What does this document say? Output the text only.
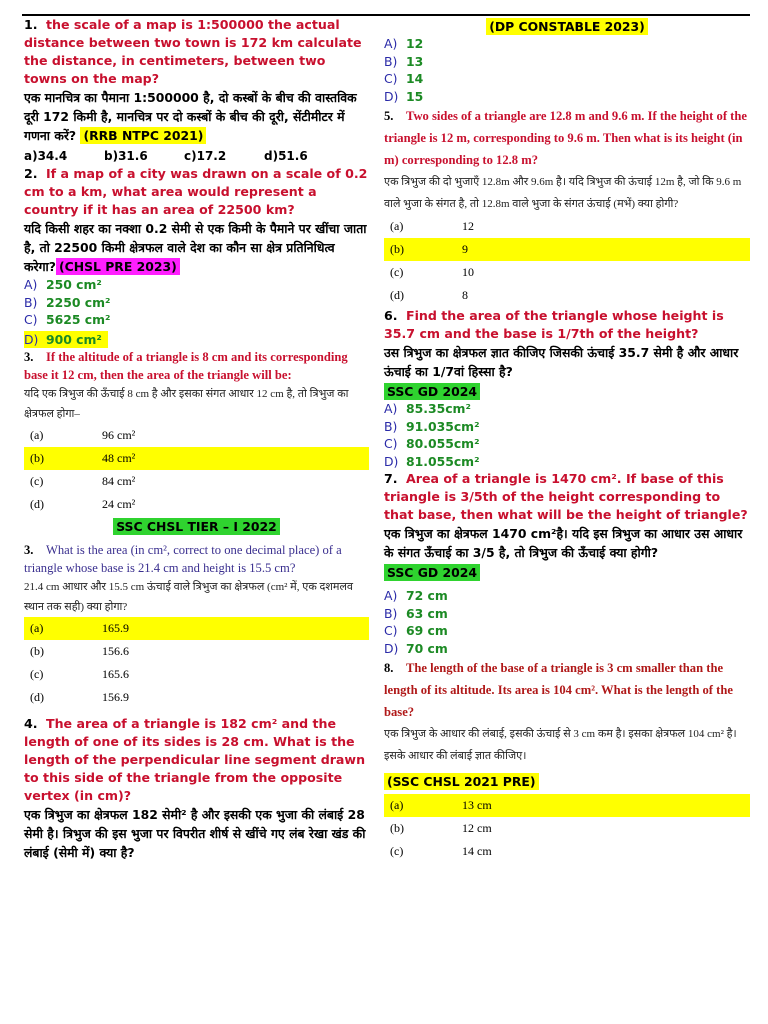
1. the scale of a map is 1:500000 the actual distance between two town is 172 km calculate the distance, in centimeters, between two towns on the map?
एक मानचित्र का पैमाना 1:500000 है, दो कस्बों के बीच की वास्तविक दूरी 172 किमी है, मानचित्र पर दो कस्बों के बीच की दूरी, सेंटीमीटर में गणना करें? (RRB NTPC 2021)
a)34.4	b)31.6	c)17.2	d)51.6
2. If a map of a city was drawn on a scale of 0.2 cm to a km, what area would represent a country if it has an area of 22500 km?
यदि किसी शहर का नक्शा 0.2 सेमी से एक किमी के पैमाने पर खींचा जाता है, तो 22500 किमी क्षेत्रफल वाले देश का कौन सा क्षेत्र प्रतिनिधित्व करेगा? (CHSL PRE 2023)
A) 250 cm²
B) 2250 cm²
C) 5625 cm²
D) 900 cm²
3. If the altitude of a triangle is 8 cm and its corresponding base it 12 cm, then the area of the triangle will be:
यदि एक त्रिभुज की ऊँचाई 8 cm है और इसका संगत आधार 12 cm है, तो त्रिभुज का क्षेत्रफल होगा–
(a)	96 cm²
(b)	48 cm²
(c)	84 cm²
(d)	24 cm²
SSC CHSL TIER – I 2022
3. What is the area (in cm², correct to one decimal place) of a triangle whose base is 21.4 cm and height is 15.5 cm?
21.4 cm आधार और 15.5 cm ऊंचाई वाले त्रिभुज का क्षेत्रफल (cm² में, एक दशमलव स्थान तक सही) क्या होगा?
(a)	165.9
(b)	156.6
(c)	165.6
(d)	156.9
4. The area of a triangle is 182 cm² and the length of one of its sides is 28 cm. What is the length of the perpendicular line segment drawn to this side of the triangle from the opposite vertex (in cm)?
एक त्रिभुज का क्षेत्रफल 182 सेमी² है और इसकी एक भुजा की लंबाई 28 सेमी है। त्रिभुज की इस भुजा पर विपरीत शीर्ष से खींचे गए लंब रेखा खंड की लंबाई (सेमी में) क्या है?
(DP CONSTABLE 2023)
A) 12
B) 13
C) 14
D) 15
5. Two sides of a triangle are 12.8 m and 9.6 m. If the height of the triangle is 12 m, corresponding to 9.6 m. Then what is its height (in m) corresponding to 12.8 m?
एक त्रिभुज की दो भुजाएँ 12.8m और 9.6m है। यदि त्रिभुज की ऊंचाई 12m है, जो कि 9.6 m वाले भुजा के संगत है, तो 12.8m वाले भुजा के संगत ऊंचाई (मभें) क्या होगी?
(a)	12
(b)	9
(c)	10
(d)	8
6. Find the area of the triangle whose height is 35.7 cm and the base is 1/7th of the height?
उस त्रिभुज का क्षेत्रफल ज्ञात कीजिए जिसकी ऊंचाई 35.7 सेमी है और आधार ऊंचाई का 1/7वां हिस्सा है?
SSC GD 2024
A) 85.35cm²
B) 91.035cm²
C) 80.055cm²
D) 81.055cm²
7. Area of a triangle is 1470 cm². If base of this triangle is 3/5th of the height corresponding to that base, then what will be the height of triangle?
एक त्रिभुज का क्षेत्रफल 1470 cm²है। यदि इस त्रिभुज का आधार उस आधार के संगत ऊँचाई का 3/5 है, तो त्रिभुज की ऊँचाई क्या होगी?
SSC GD 2024
A) 72 cm
B) 63 cm
C) 69 cm
D) 70 cm
8. The length of the base of a triangle is 3 cm smaller than the length of its altitude. Its area is 104 cm². What is the length of the base?
एक त्रिभुज के आधार की लंबाई, इसकी ऊंचाई से 3 cm कम है। इसका क्षेत्रफल 104 cm² है। इसके आधार की लंबाई ज्ञात कीजिए।
(SSC CHSL 2021 PRE)
(a)	13 cm
(b)	12 cm
(c)	14 cm
